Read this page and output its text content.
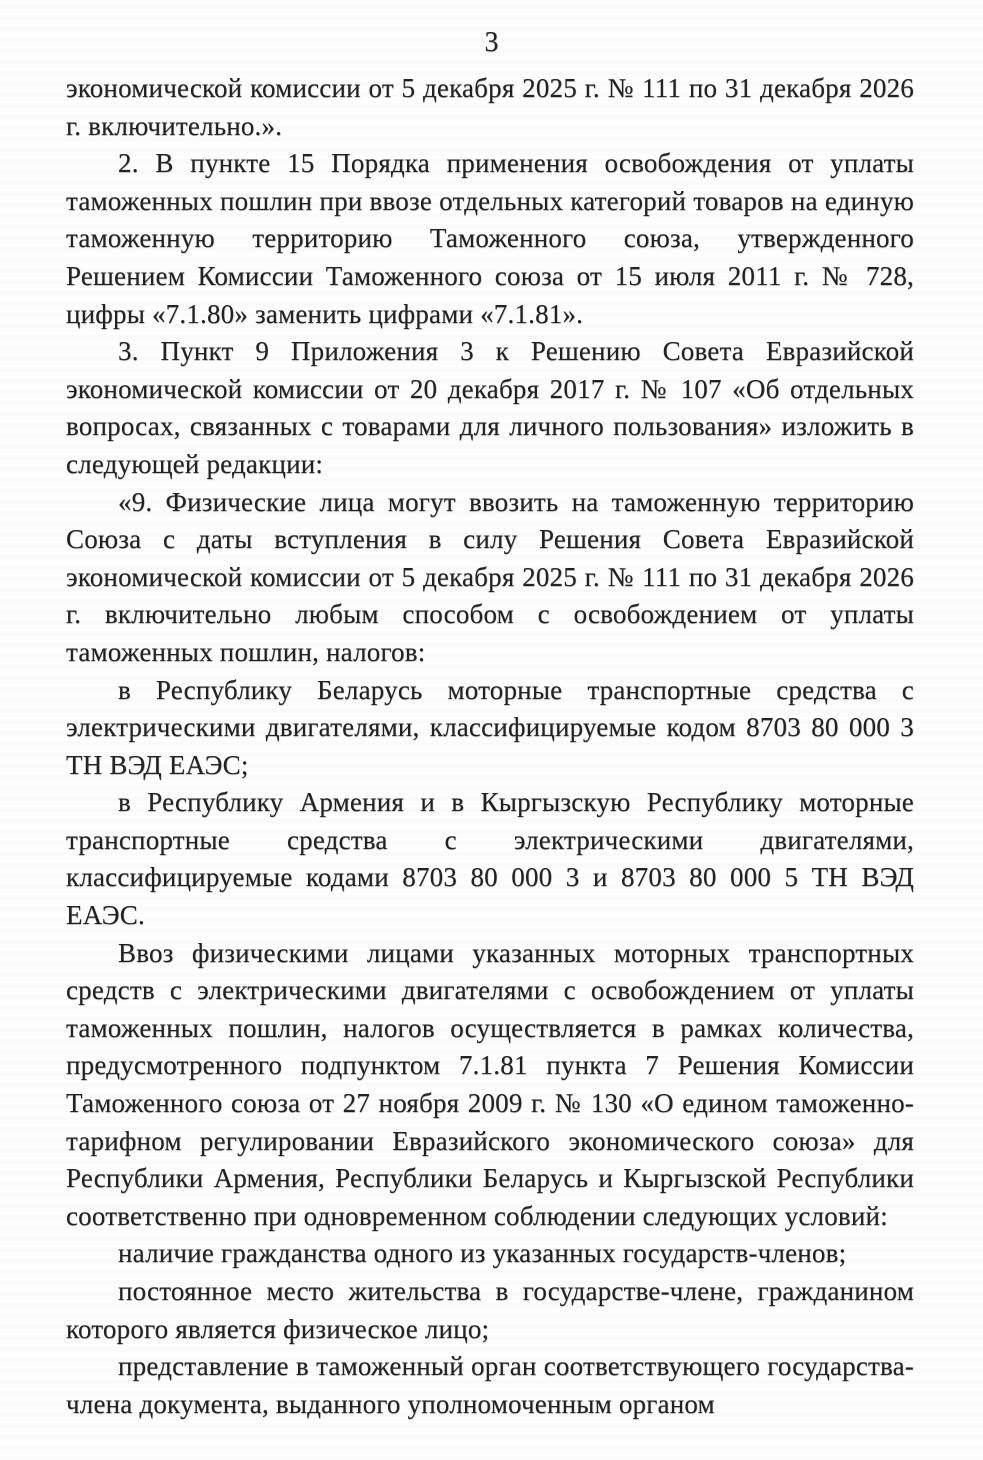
3

экономической комиссии от 5 декабря 2025 г. № 111 по 31 декабря 2026 г. включительно.».

2. В пункте 15 Порядка применения освобождения от уплаты таможенных пошлин при ввозе отдельных категорий товаров на единую таможенную территорию Таможенного союза, утвержденного Решением Комиссии Таможенного союза от 15 июля 2011 г. № 728, цифры «7.1.80» заменить цифрами «7.1.81».

3. Пункт 9 Приложения 3 к Решению Совета Евразийской экономической комиссии от 20 декабря 2017 г. № 107 «Об отдельных вопросах, связанных с товарами для личного пользования» изложить в следующей редакции:

«9. Физические лица могут ввозить на таможенную территорию Союза с даты вступления в силу Решения Совета Евразийской экономической комиссии от 5 декабря 2025 г. № 111 по 31 декабря 2026 г. включительно любым способом с освобождением от уплаты таможенных пошлин, налогов:

в Республику Беларусь моторные транспортные средства с электрическими двигателями, классифицируемые кодом 8703 80 000 3 ТН ВЭД ЕАЭС;

в Республику Армения и в Кыргызскую Республику моторные транспортные средства с электрическими двигателями, классифицируемые кодами 8703 80 000 3 и 8703 80 000 5 ТН ВЭД ЕАЭС.

Ввоз физическими лицами указанных моторных транспортных средств с электрическими двигателями с освобождением от уплаты таможенных пошлин, налогов осуществляется в рамках количества, предусмотренного подпунктом 7.1.81 пункта 7 Решения Комиссии Таможенного союза от 27 ноября 2009 г. № 130 «О едином таможенно-тарифном регулировании Евразийского экономического союза» для Республики Армения, Республики Беларусь и Кыргызской Республики соответственно при одновременном соблюдении следующих условий:

наличие гражданства одного из указанных государств-членов;

постоянное место жительства в государстве-члене, гражданином которого является физическое лицо;

представление в таможенный орган соответствующего государства-члена документа, выданного уполномоченным органом
